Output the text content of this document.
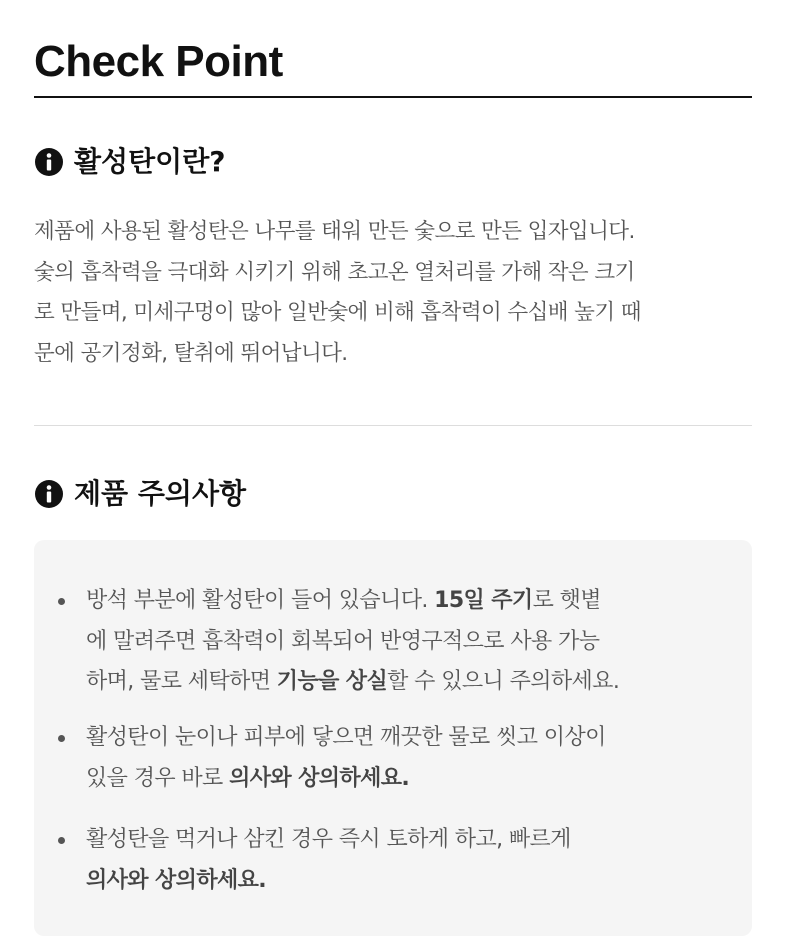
Check Point
활성탄이란?
제품에 사용된 활성탄은 나무를 태워 만든 숯으로 만든 입자입니다.
숯의 흡착력을 극대화 시키기 위해 초고온 열처리를 가해 작은 크기
로 만들며, 미세구멍이 많아 일반숯에 비해 흡착력이 수십배 높기 때
문에 공기정화, 탈취에 뛰어납니다.
제품 주의사항
방석 부분에 활성탄이 들어 있습니다. 15일 주기로 햇볕
에 말려주면 흡착력이 회복되어 반영구적으로 사용 가능
하며, 물로 세탁하면 기능을 상실할 수 있으니 주의하세요.
활성탄이 눈이나 피부에 닿으면 깨끗한 물로 씻고 이상이
있을 경우 바로 의사와 상의하세요.
활성탄을 먹거나 삼킨 경우 즉시 토하게 하고, 빠르게
의사와 상의하세요.
